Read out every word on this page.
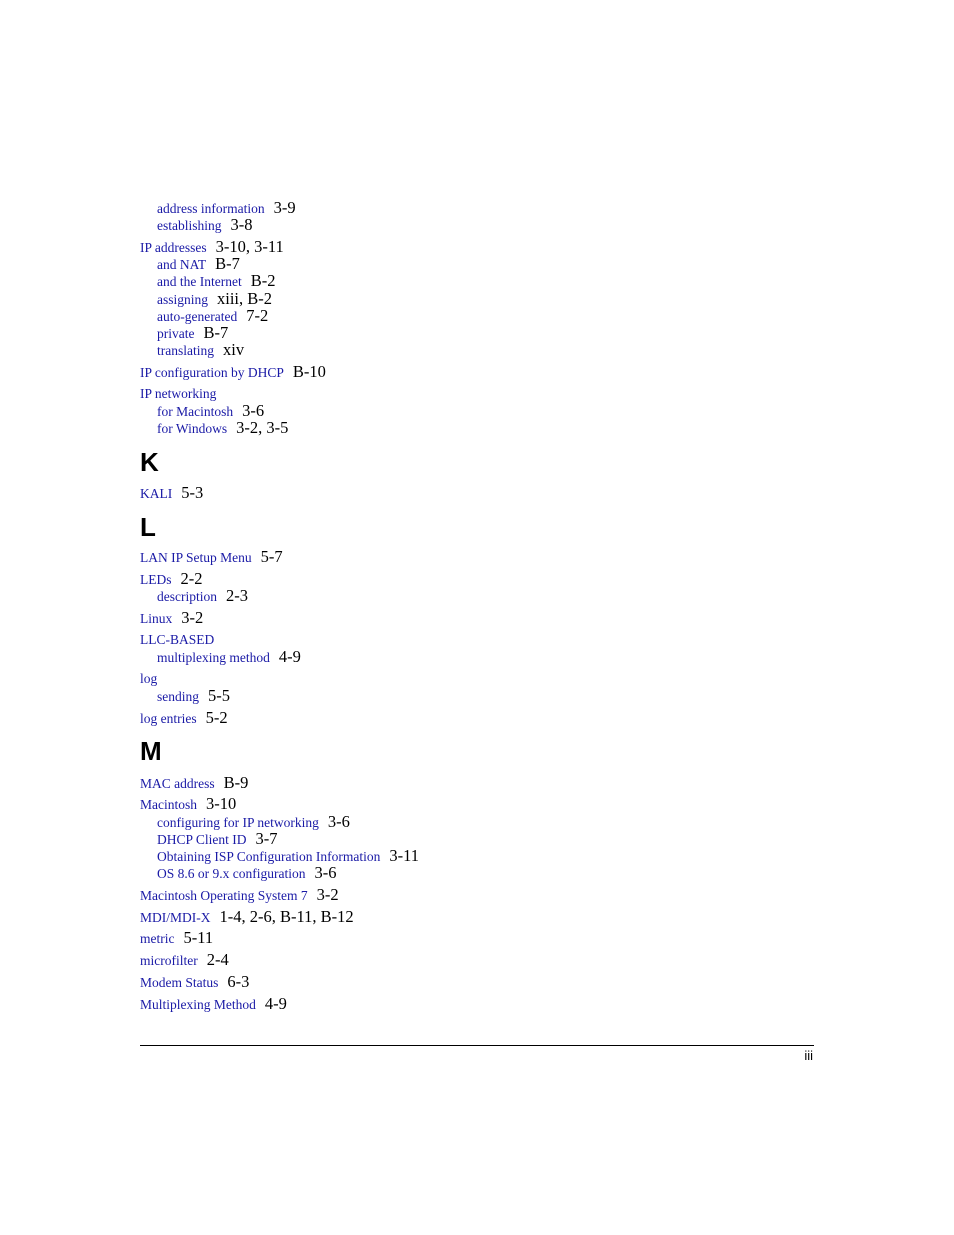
address information 3-9
establishing 3-8
IP addresses 3-10, 3-11
and NAT B-7
and the Internet B-2
assigning xiii, B-2
auto-generated 7-2
private B-7
translating xiv
IP configuration by DHCP B-10
IP networking
for Macintosh 3-6
for Windows 3-2, 3-5
K
KALI 5-3
L
LAN IP Setup Menu 5-7
LEDs 2-2
description 2-3
Linux 3-2
LLC-BASED
multiplexing method 4-9
log
sending 5-5
log entries 5-2
M
MAC address B-9
Macintosh 3-10
configuring for IP networking 3-6
DHCP Client ID 3-7
Obtaining ISP Configuration Information 3-11
OS 8.6 or 9.x configuration 3-6
Macintosh Operating System 7 3-2
MDI/MDI-X 1-4, 2-6, B-11, B-12
metric 5-11
microfilter 2-4
Modem Status 6-3
Multiplexing Method 4-9
iii
